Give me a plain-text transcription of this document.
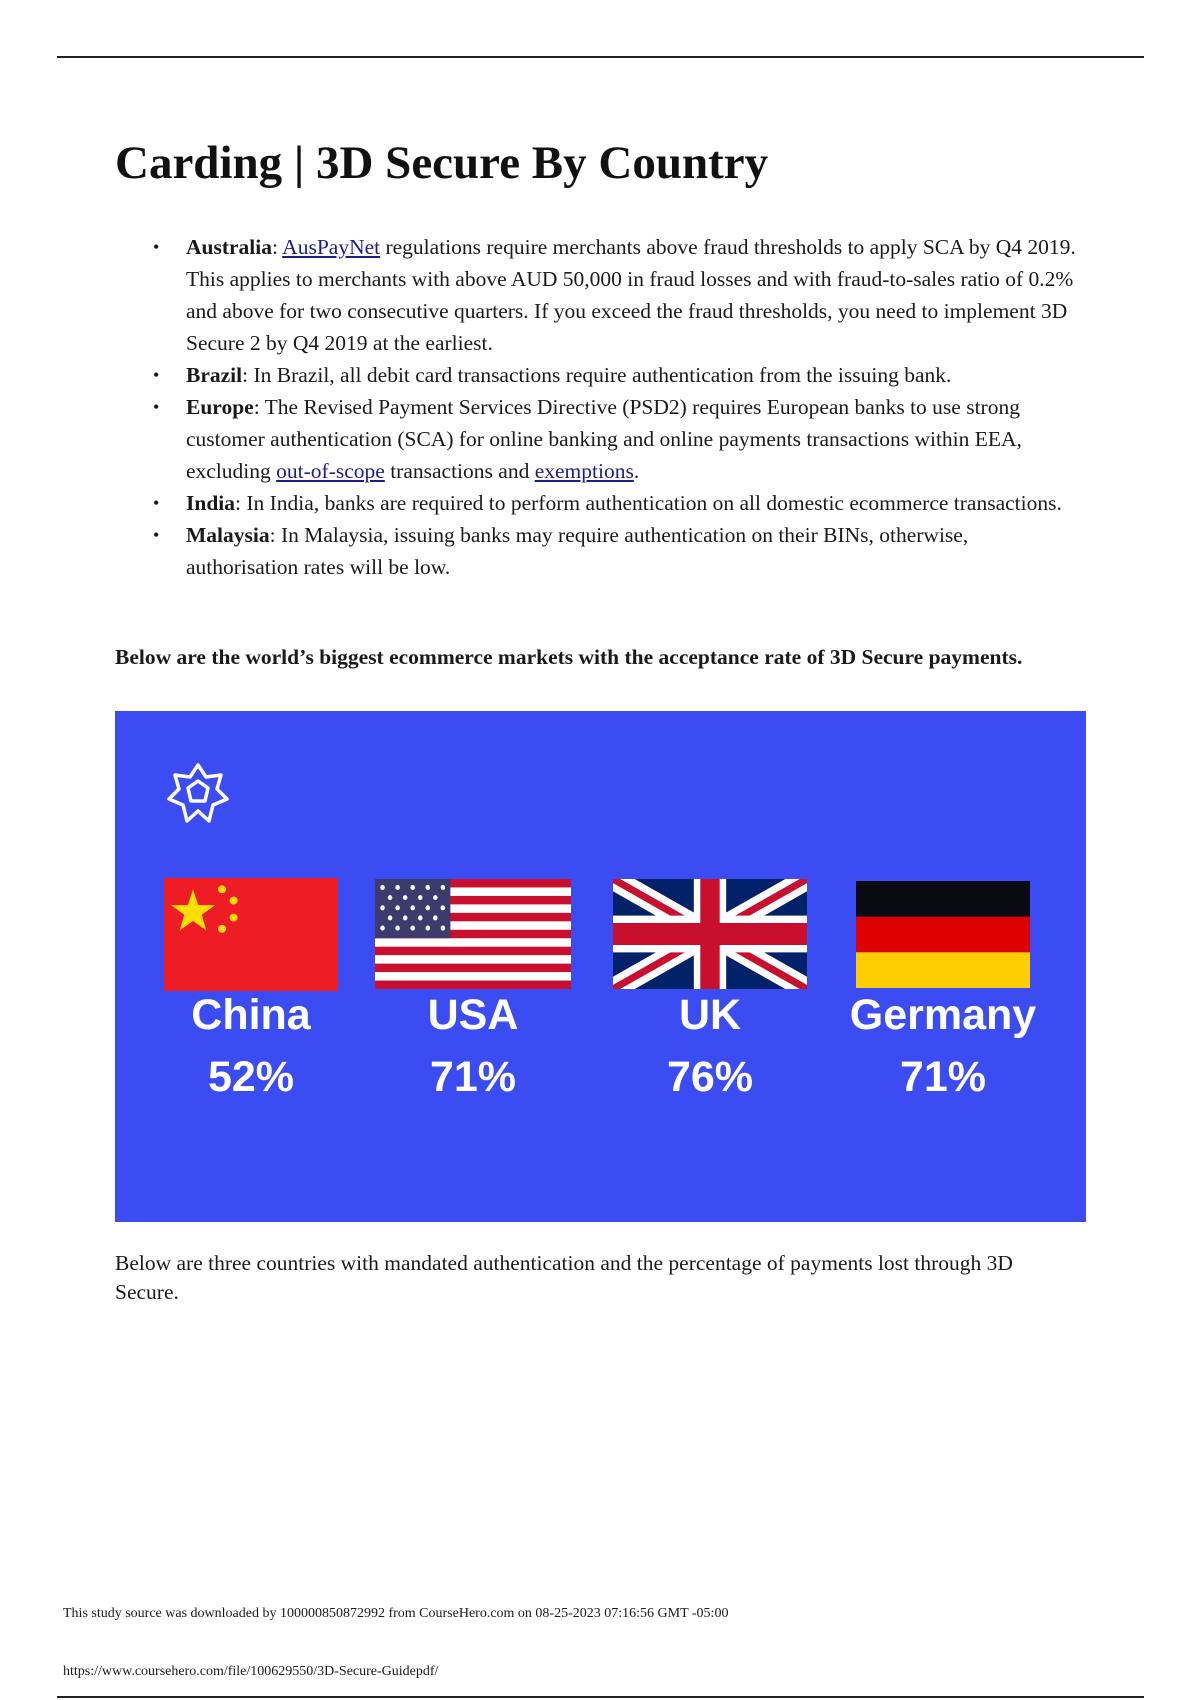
Carding | 3D Secure By Country
• Australia: AusPayNet regulations require merchants above fraud thresholds to apply SCA by Q4 2019. This applies to merchants with above AUD 50,000 in fraud losses and with fraud-to-sales ratio of 0.2% and above for two consecutive quarters. If you exceed the fraud thresholds, you need to implement 3D Secure 2 by Q4 2019 at the earliest.
• Brazil: In Brazil, all debit card transactions require authentication from the issuing bank.
• Europe: The Revised Payment Services Directive (PSD2) requires European banks to use strong customer authentication (SCA) for online banking and online payments transactions within EEA, excluding out-of-scope transactions and exemptions.
• India: In India, banks are required to perform authentication on all domestic ecommerce transactions.
• Malaysia: In Malaysia, issuing banks may require authentication on their BINs, otherwise, authorisation rates will be low.

Below are the world’s biggest ecommerce markets with the acceptance rate of 3D Secure payments.

China
52%
USA
71%
UK
76%
Germany
71%

Below are three countries with mandated authentication and the percentage of payments lost through 3D Secure.

This study source was downloaded by 100000850872992 from CourseHero.com on 08-25-2023 07:16:56 GMT -05:00

https://www.coursehero.com/file/100629550/3D-Secure-Guidepdf/
